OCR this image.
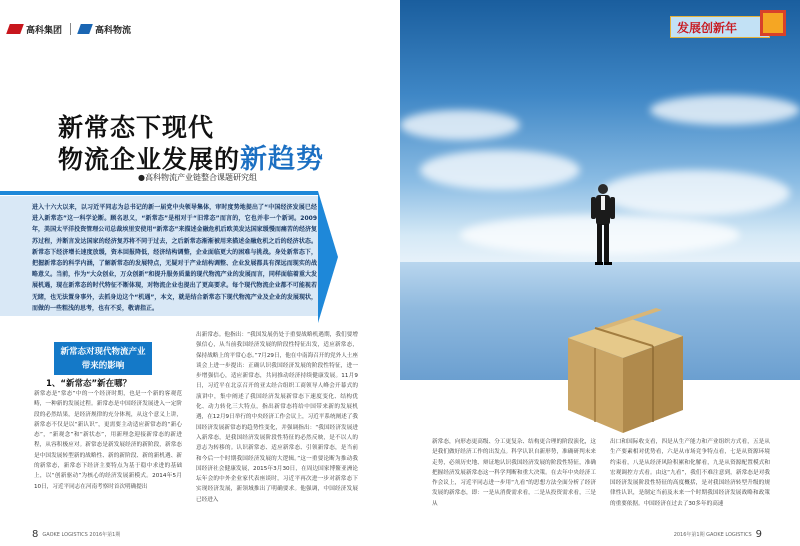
高科集团	高科物流
新常态下现代
物流企业发展的新趋势
●高科物流产业链整合课题研究组
进入十六大以来，以习近平同志为总书记的新一届党中央领导集体，审时度势地提出了“中国经济发展已经进入新常态”这一科学论断。顾名思义，“新常态”是相对于“旧常态”而言的，它也并非一个新词。2009年，美国太平洋投资管理公司总裁埃里安使用“新常态”来描述金融危机后欧美发达国家缓慢而痛苦的经济复苏过程，并断言发达国家的经济复苏将不同于过去，之后新常态渐渐被用来描述金融危机之后的经济状态。新常态下经济增长速度放缓，资本回报降低，经济结构调整，企业面临更大的困难与挑战。身处新常态下，把握新常态的科学内涵，了解新常态的发展特点，无疑对于产业结构调整、企业发展都具有深远而现实的战略意义。当前，作为“大众创业，万众创新”和提升服务质量的现代物流产业的发展而言，同样面临着重大发展机遇，现在新常态的时代特征不断体现，对物流企业也提出了更高要求。每个现代物流企业都不可能视若无睹，也无法置身事外，去抓身边这个“机遇”，本文，就是结合新常态下现代物流产业及企业的发展现状，而做的一些粗浅的思考，也有不妥，敬请指正。
新常态对现代物流产业
带来的影响
1、“新常态”新在哪？
新常态是“常态”中的一个经济时期，也是一个新的客观范畴，一种新的发展过程。新常态是中国经济发展进入一定阶段的必然结果，是经济规律的充分体现，从这个意义上讲，新常态不仅是以“新认识”，更需要主动适应新常态的“新心态”，“新观念”和“新状态”，用新理念迎接新常态的新进程，从容积极应对。新常态是新发展经济的新阶段，新常态是中国发展转型新的战略性、新的新阶段、新的新机遇、新的新常态，新常态下经济主要特点为基于稳中求进的基础上，以“创新驱动”为核心的经济发展新模式。2014年5月10日，习近平同志在河南考察时首次明确提出
出新常态。他指出：“我国发展仍处于重要战略机遇期，我们要增强信心，从当前我国经济发展的阶段性特征出发，适应新常态，保持战略上的平常心态。”7月29日，他在中南海召开的党外人士座谈会上进一步提出：正确认识我国经济发展的阶段性特征，进一步增强信心，适应新常态，共同推动经济持续健康发展。11月9日，习近平在北京召开的亚太经合组织工商领导人峰会开幕式的演讲中，集中阐述了我国经济发展新常态下速度变化、结构优化、动力转化三大特点，指出新常态将给中国带来新的发展机遇，在12月9日举行的中央经济工作会议上，习近平系统阐述了我国经济发展新常态的趋势性变化，并强调指出：“我国经济发展进入新常态，是我国经济发展阶段性特征的必然反映，是不以人的意志为转移的。认识新常态、适应新常态、引领新常态，是当前和今后一个时期我国经济发展的大逻辑。”这一重要论断为推动我国经济社会健康发展，2015年3月30日，在周边国家博鳌亚洲论坛年会的中外企业家代表座谈时，习近平再次进一步对新常态下实现经济发展，新领域推出了明确要求。他强调，中国经济发展已经进入
8 GAOKE LOGISTICS 2016年第1期
发展创新年
新常态，向形态更高级、分工更复杂、结构更合理的阶段演化，这是我们做好经济工作的出发点。科学认识自新形势，准确研判未来走势，必须历史地、辩证地认识我国经济发展的阶段性特征，准确把握经济发展新常态这一科学判断和重大决策。在去年中央经济工作会议上，习近平同志进一步用“九看”的思想方法全面分析了经济发展的新常态，即：一是从消费需求看，二是从投资需求看，三是从
出口和国际收支看，四是从生产能力和产业组织方式看，五是从生产要素相对优势看，六是从市场竞争特点看，七是从资源环境约束看，八是从经济风险积累和化解看，九是从资源配置模式和宏观调控方式看。由这“九看”，我们不难注意到，新常态是对我国经济发展阶段性特征的高度概括，是对我国经济转型升级的规律性认识，是制定当前及未来一个时期我国经济发展战略和政策的重要依据。中国经济在过去了30多年的高速
2016年第1期 GAOKE LOGISTICS 9
